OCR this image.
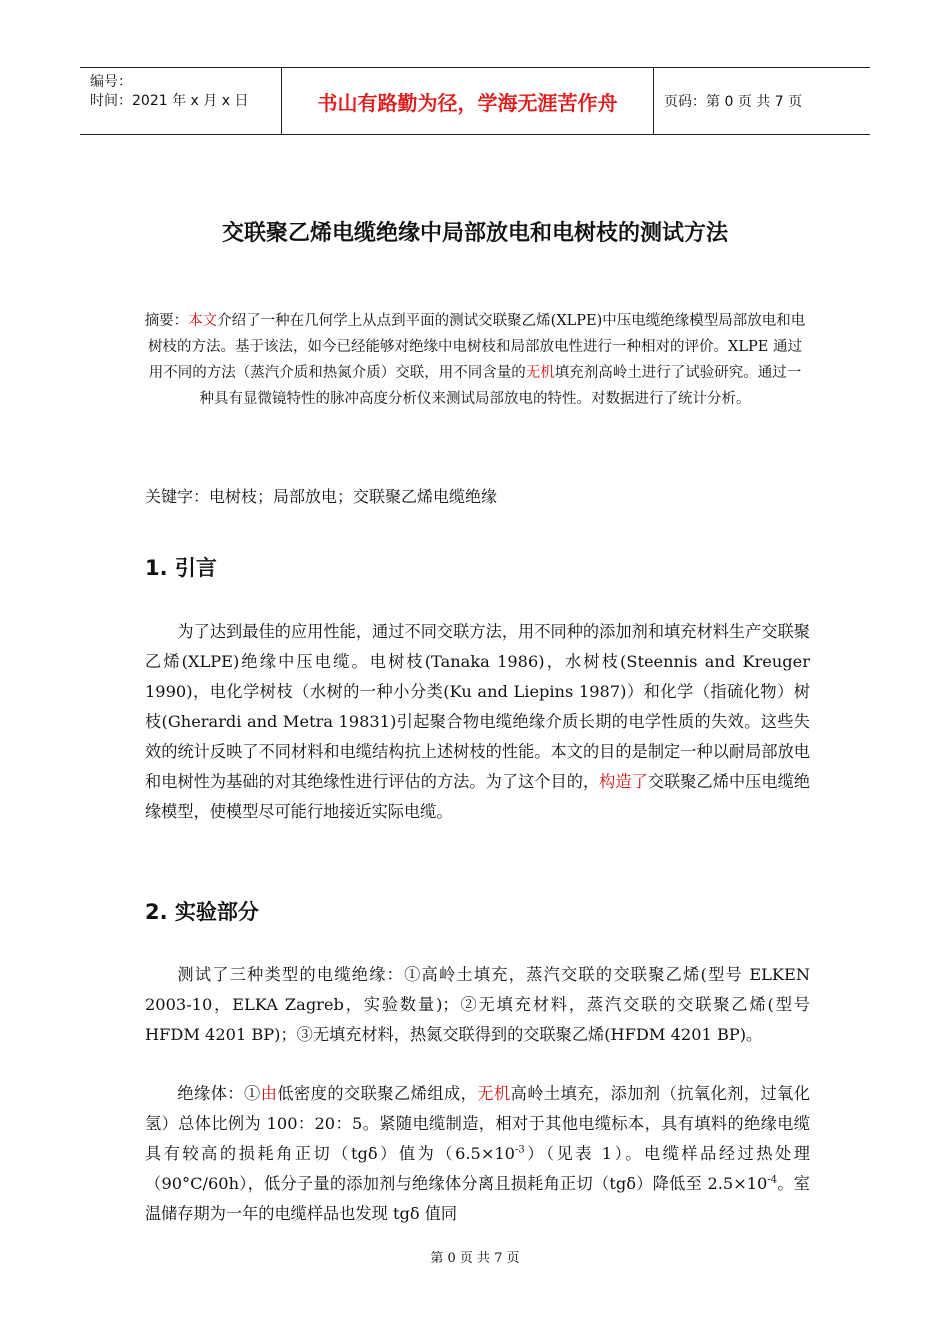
编号：
时间：2021 年 x 月 x 日	书山有路勤为径，学海无涯苦作舟	页码：第 0 页 共 7 页
交联聚乙烯电缆绝缘中局部放电和电树枝的测试方法
摘要：本文介绍了一种在几何学上从点到平面的测试交联聚乙烯(XLPE)中压电缆绝缘模型局部放电和电树枝的方法。基于该法，如今已经能够对绝缘中电树枝和局部放电性进行一种相对的评价。XLPE 通过用不同的方法（蒸汽介质和热氮介质）交联，用不同含量的无机填充剂高岭土进行了试验研究。通过一种具有显微镜特性的脉冲高度分析仪来测试局部放电的特性。对数据进行了统计分析。
关键字：电树枝；局部放电；交联聚乙烯电缆绝缘
1. 引言
为了达到最佳的应用性能，通过不同交联方法，用不同种的添加剂和填充材料生产交联聚乙烯(XLPE)绝缘中压电缆。电树枝(Tanaka 1986)，水树枝(Steennis and Kreuger 1990)，电化学树枝（水树的一种小分类(Ku and Liepins 1987)）和化学（指硫化物）树枝(Gherardi and Metra 19831)引起聚合物电缆绝缘介质长期的电学性质的失效。这些失效的统计反映了不同材料和电缆结构抗上述树枝的性能。本文的目的是制定一种以耐局部放电和电树性为基础的对其绝缘性进行评估的方法。为了这个目的，构造了交联聚乙烯中压电缆绝缘模型，使模型尽可能行地接近实际电缆。
2. 实验部分
测试了三种类型的电缆绝缘：①高岭土填充，蒸汽交联的交联聚乙烯(型号 ELKEN 2003-10，ELKA Zagreb，实验数量)；②无填充材料，蒸汽交联的交联聚乙烯(型号 HFDM 4201 BP)；③无填充材料，热氮交联得到的交联聚乙烯(HFDM 4201 BP)。
绝缘体：①由低密度的交联聚乙烯组成，无机高岭土填充，添加剂（抗氧化剂，过氧化氢）总体比例为 100：20：5。紧随电缆制造，相对于其他电缆标本，具有填料的绝缘电缆具有较高的损耗角正切（tgδ）值为$(6.5\times 10^{-3})$（见表 1）。电缆样品经过热处理（90°C/60h），低分子量的添加剂与绝缘体分离且损耗角正切（tgδ）降低至 $2.5\times 10^{-4}$。室温储存期为一年的电缆样品也发现 tgδ 值同
第 0 页 共 7 页
